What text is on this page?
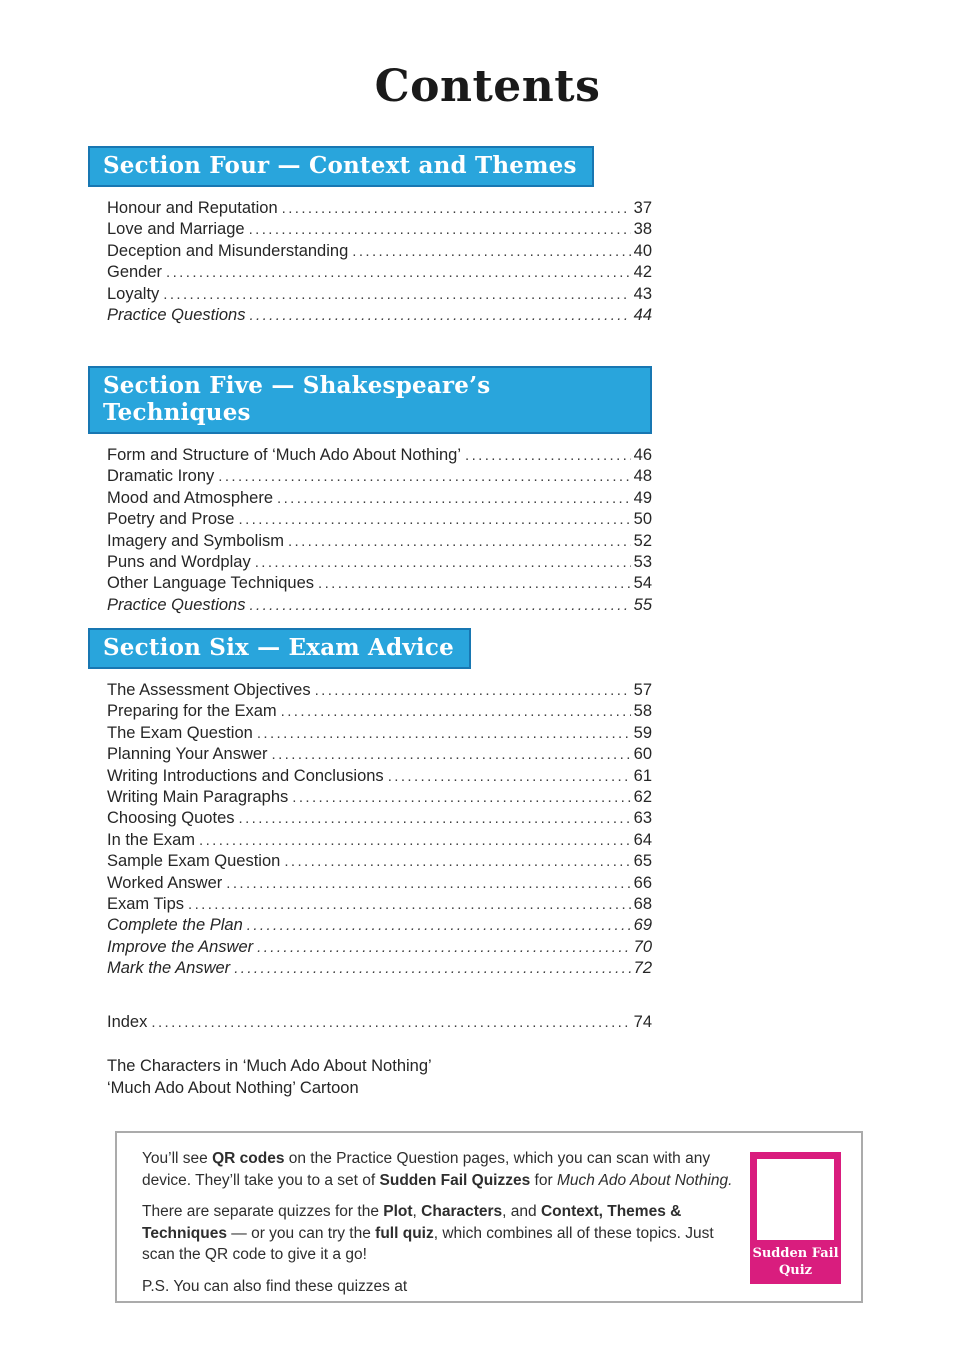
Contents
Section Four — Context and Themes
Honour and Reputation .....	37
Love and Marriage .....	38
Deception and Misunderstanding .....	40
Gender .....	42
Loyalty .....	43
Practice Questions .....	44
Section Five — Shakespeare’s Techniques
Form and Structure of ‘Much Ado About Nothing’ .....	46
Dramatic Irony .....	48
Mood and Atmosphere .....	49
Poetry and Prose .....	50
Imagery and Symbolism .....	52
Puns and Wordplay .....	53
Other Language Techniques .....	54
Practice Questions .....	55
Section Six — Exam Advice
The Assessment Objectives .....	57
Preparing for the Exam .....	58
The Exam Question .....	59
Planning Your Answer .....	60
Writing Introductions and Conclusions .....	61
Writing Main Paragraphs .....	62
Choosing Quotes .....	63
In the Exam .....	64
Sample Exam Question .....	65
Worked Answer .....	66
Exam Tips .....	68
Complete the Plan .....	69
Improve the Answer .....	70
Mark the Answer .....	72
Index .....	74
The Characters in ‘Much Ado About Nothing’
‘Much Ado About Nothing’ Cartoon

You’ll see QR codes on the Practice Question pages, which you can scan with any device. They’ll take you to a set of Sudden Fail Quizzes for Much Ado About Nothing.

There are separate quizzes for the Plot, Characters, and Context, Themes & Techniques — or you can try the full quiz, which combines all of these topics. Just scan the QR code to give it a go!

P.S. You can also find these quizzes at

Sudden Fail
Quiz
